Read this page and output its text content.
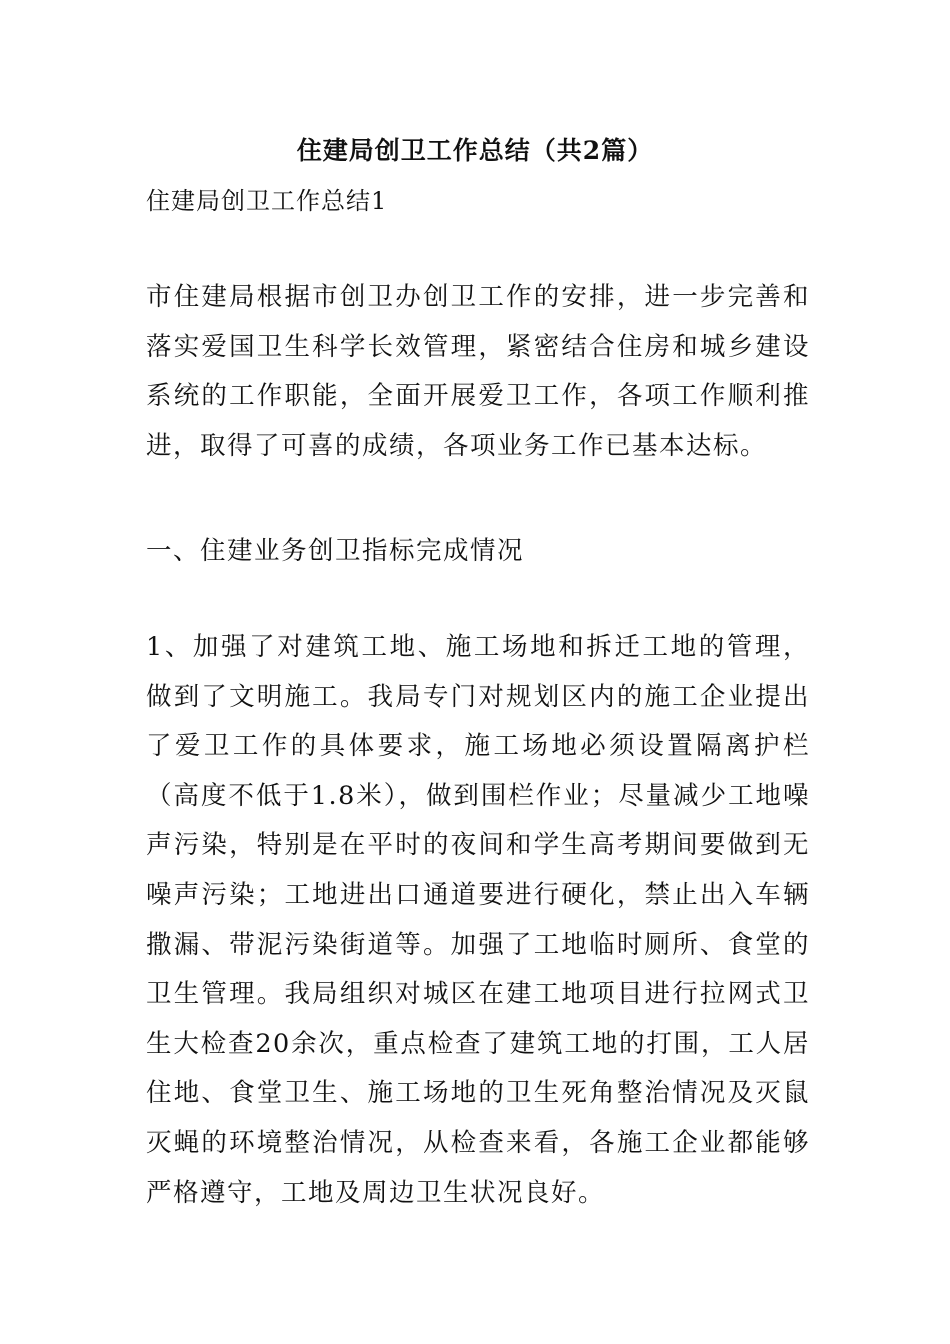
住建局创卫工作总结（共2篇）
住建局创卫工作总结1

市住建局根据市创卫办创卫工作的安排，进一步完善和落实爱国卫生科学长效管理，紧密结合住房和城乡建设系统的工作职能，全面开展爱卫工作，各项工作顺利推进，取得了可喜的成绩，各项业务工作已基本达标。

一、住建业务创卫指标完成情况

1、加强了对建筑工地、施工场地和拆迁工地的管理，做到了文明施工。我局专门对规划区内的施工企业提出了爱卫工作的具体要求，施工场地必须设置隔离护栏（高度不低于1.8米），做到围栏作业；尽量减少工地噪声污染，特别是在平时的夜间和学生高考期间要做到无噪声污染；工地进出口通道要进行硬化，禁止出入车辆撒漏、带泥污染街道等。加强了工地临时厕所、食堂的卫生管理。我局组织对城区在建工地项目进行拉网式卫生大检查20余次，重点检查了建筑工地的打围，工人居住地、食堂卫生、施工场地的卫生死角整治情况及灭鼠灭蝇的环境整治情况，从检查来看，各施工企业都能够严格遵守，工地及周边卫生状况良好。
